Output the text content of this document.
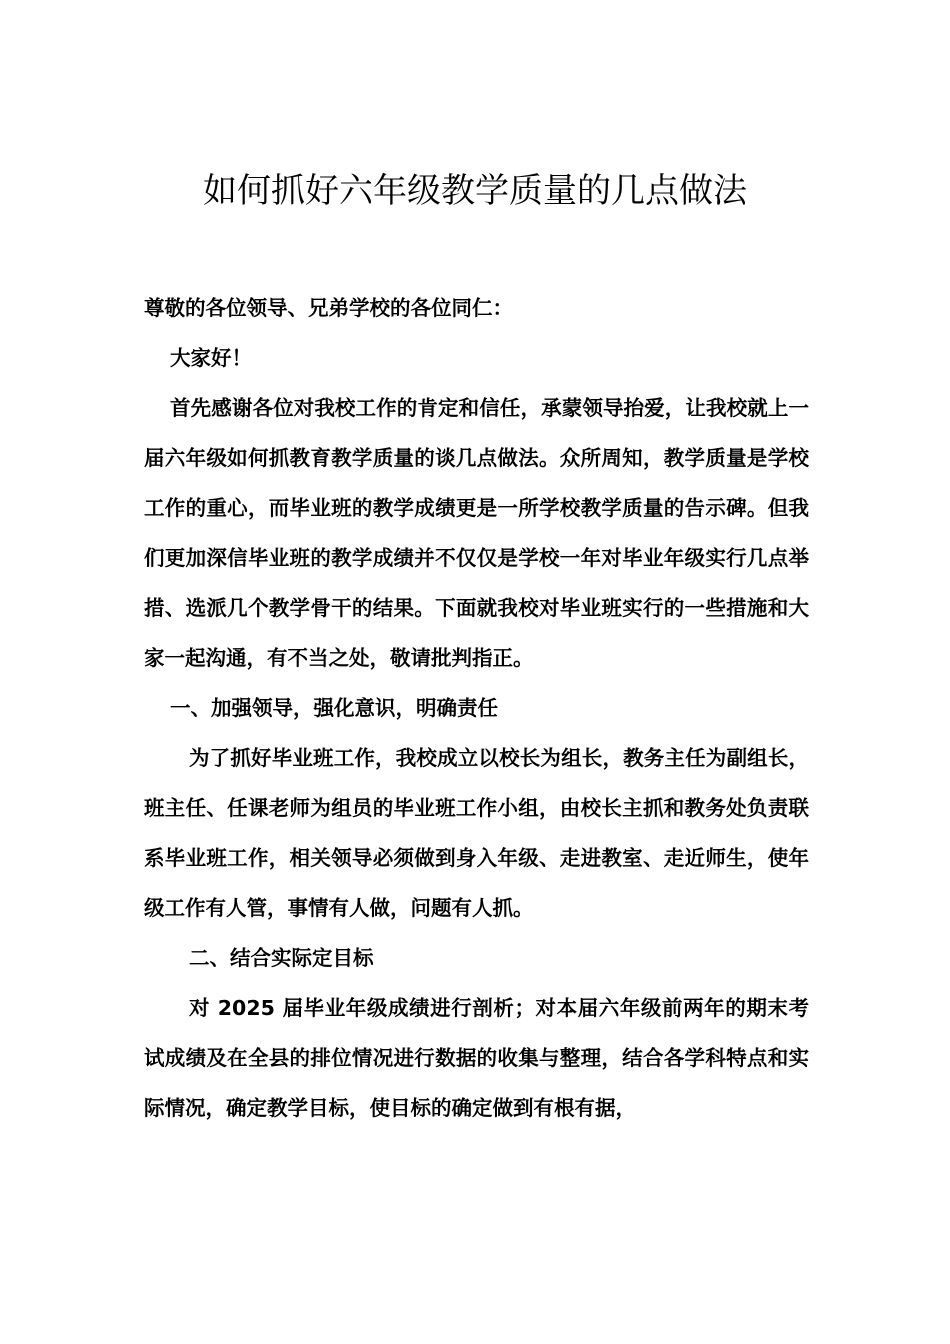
如何抓好六年级教学质量的几点做法

尊敬的各位领导、兄弟学校的各位同仁：

大家好！

首先感谢各位对我校工作的肯定和信任，承蒙领导抬爱，让我校就上一届六年级如何抓教育教学质量的谈几点做法。众所周知，教学质量是学校工作的重心，而毕业班的教学成绩更是一所学校教学质量的告示碑。但我们更加深信毕业班的教学成绩并不仅仅是学校一年对毕业年级实行几点举措、选派几个教学骨干的结果。下面就我校对毕业班实行的一些措施和大家一起沟通，有不当之处，敬请批判指正。

一、加强领导，强化意识，明确责任

为了抓好毕业班工作，我校成立以校长为组长，教务主任为副组长，班主任、任课老师为组员的毕业班工作小组，由校长主抓和教务处负责联系毕业班工作，相关领导必须做到身入年级、走进教室、走近师生，使年级工作有人管，事情有人做，问题有人抓。

二、结合实际定目标

对 2025 届毕业年级成绩进行剖析；对本届六年级前两年的期末考试成绩及在全县的排位情况进行数据的收集与整理，结合各学科特点和实际情况，确定教学目标，使目标的确定做到有根有据，
